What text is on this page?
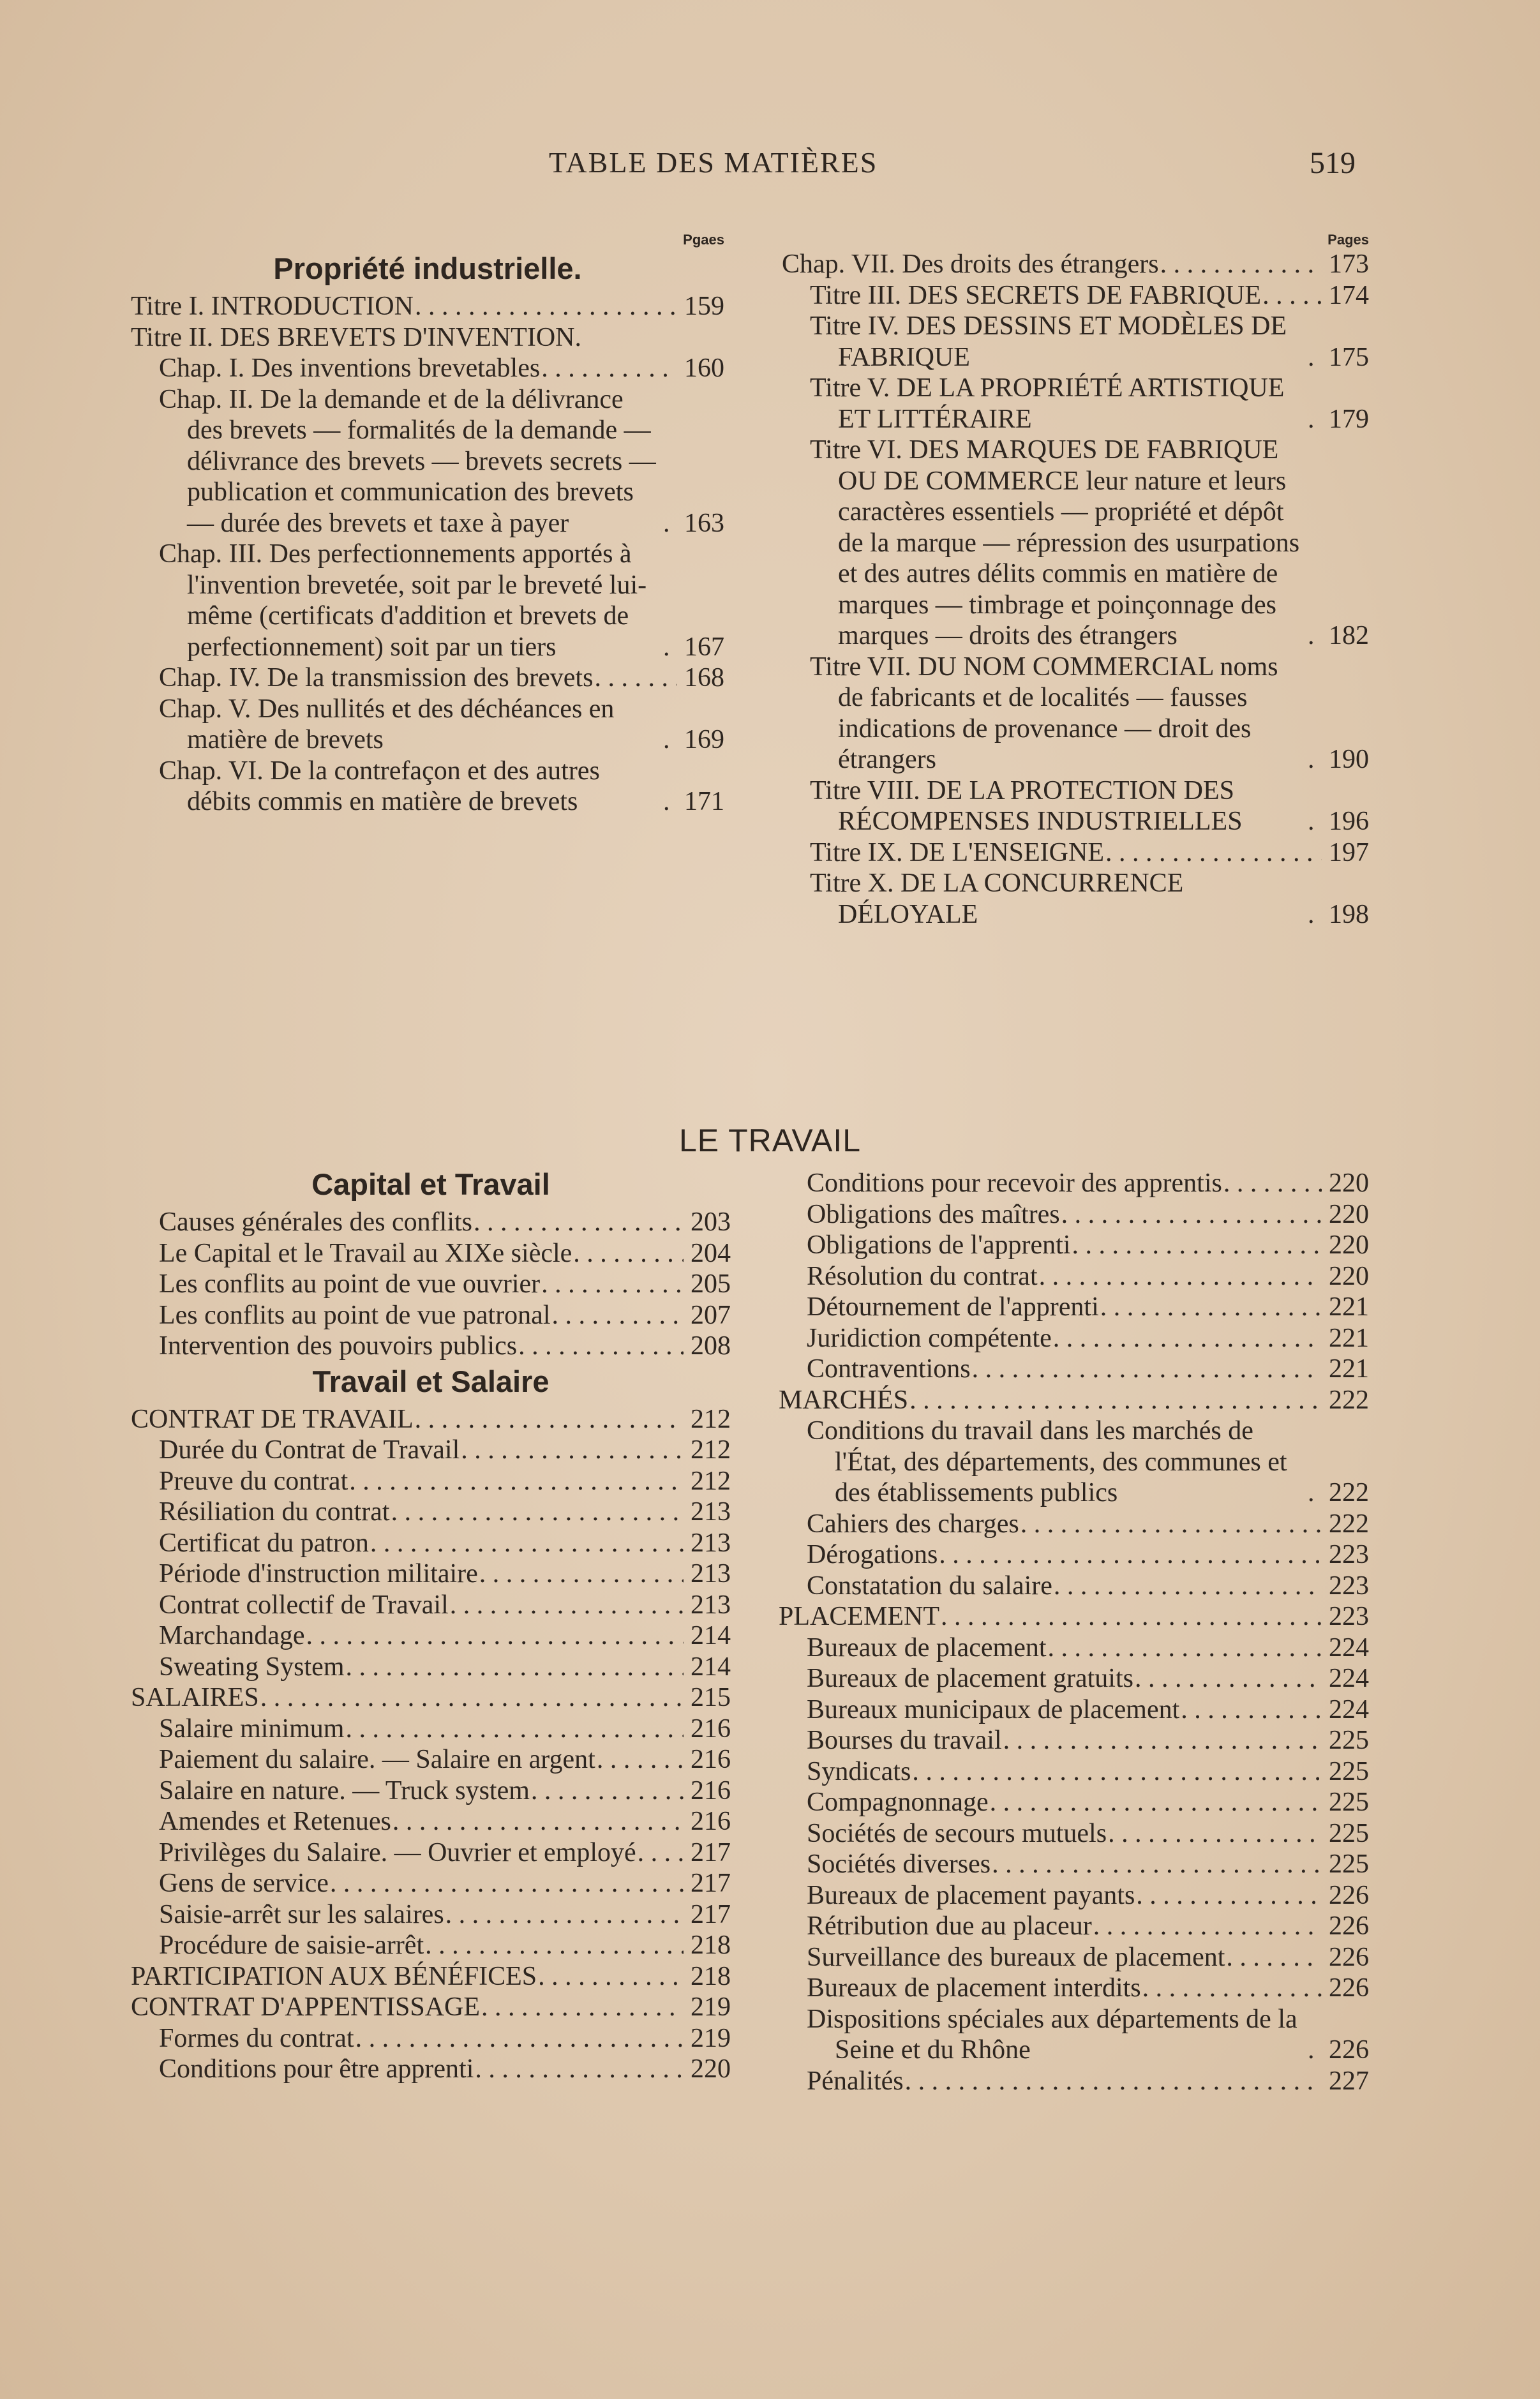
TABLE DES MATIÈRES	519
Pgaes
Propriété industrielle.
Titre I. INTRODUCTION . . .	159
Titre II. DES BREVETS D'INVENTION.
Chap. I. Des inventions brevetables . . .	160
Chap. II. De la demande et de la délivrance des brevets — formalités de la demande — délivrance des brevets — brevets secrets — publication et communication des brevets — durée des brevets et taxe à payer . . .	163
Chap. III. Des perfectionnements apportés à l'invention brevetée, soit par le breveté lui-même (certificats d'addition et brevets de perfectionnement) soit par un tiers . . .	167
Chap. IV. De la transmission des brevets . . .	168
Chap. V. Des nullités et des déchéances en matière de brevets . . .	169
Chap. VI. De la contrefaçon et des autres débits commis en matière de brevets . . .	171
Pages
Chap. VII. Des droits des étrangers . . .	173
Titre III. DES SECRETS DE FABRIQUE . . .	174
Titre IV. DES DESSINS ET MODÈLES DE FABRIQUE . . .	175
Titre V. DE LA PROPRIÉTÉ ARTISTIQUE ET LITTÉRAIRE . . .	179
Titre VI. DES MARQUES DE FABRIQUE OU DE COMMERCE leur nature et leurs caractères essentiels — propriété et dépôt de la marque — répression des usurpations et des autres délits commis en matière de marques — timbrage et poinçonnage des marques — droits des étrangers . . .	182
Titre VII. DU NOM COMMERCIAL noms de fabricants et de localités — fausses indications de provenance — droit des étrangers . . .	190
Titre VIII. DE LA PROTECTION DES RÉCOMPENSES INDUSTRIELLES . . .	196
Titre IX. DE L'ENSEIGNE . . .	197
Titre X. DE LA CONCURRENCE DÉLOYALE . . .	198
LE TRAVAIL
Capital et Travail
Causes générales des conflits . . .	203
Le Capital et le Travail au XIXe siècle . . .	204
Les conflits au point de vue ouvrier . . .	205
Les conflits au point de vue patronal . . .	207
Intervention des pouvoirs publics . . .	208
Travail et Salaire
CONTRAT DE TRAVAIL . . .	212
Durée du Contrat de Travail . . .	212
Preuve du contrat . . .	212
Résiliation du contrat . . .	213
Certificat du patron . . .	213
Période d'instruction militaire . . .	213
Contrat collectif de Travail . . .	213
Marchandage . . .	214
Sweating System . . .	214
SALAIRES . . .	215
Salaire minimum . . .	216
Paiement du salaire. — Salaire en argent . . .	216
Salaire en nature. — Truck system . . .	216
Amendes et Retenues . . .	216
Privilèges du Salaire. — Ouvrier et employé . . . 217
Gens de service . . .	217
Saisie-arrêt sur les salaires . . .	217
Procédure de saisie-arrêt . . .	218
PARTICIPATION AUX BÉNÉFICES . . .	218
CONTRAT D'APPENTISSAGE . . .	219
Formes du contrat . . .	219
Conditions pour être apprenti . . .	220
Conditions pour recevoir des apprentis . . .	220
Obligations des maîtres . . .	220
Obligations de l'apprenti . . .	220
Résolution du contrat . . .	220
Détournement de l'apprenti . . .	221
Juridiction compétente . . .	221
Contraventions . . .	221
MARCHÉS . . .	222
Conditions du travail dans les marchés de l'État, des départements, des communes et des établissements publics . . .	222
Cahiers des charges . . .	222
Dérogations . . .	223
Constatation du salaire . . .	223
PLACEMENT . . .	223
Bureaux de placement . . .	224
Bureaux de placement gratuits . . .	224
Bureaux municipaux de placement . . .	224
Bourses du travail . . .	225
Syndicats . . .	225
Compagnonnage . . .	225
Sociétés de secours mutuels . . .	225
Sociétés diverses . . .	225
Bureaux de placement payants . . .	226
Rétribution due au placeur . . .	226
Surveillance des bureaux de placement . . .	226
Bureaux de placement interdits . . .	226
Dispositions spéciales aux départements de la Seine et du Rhône . . .	226
Pénalités . . .	227
